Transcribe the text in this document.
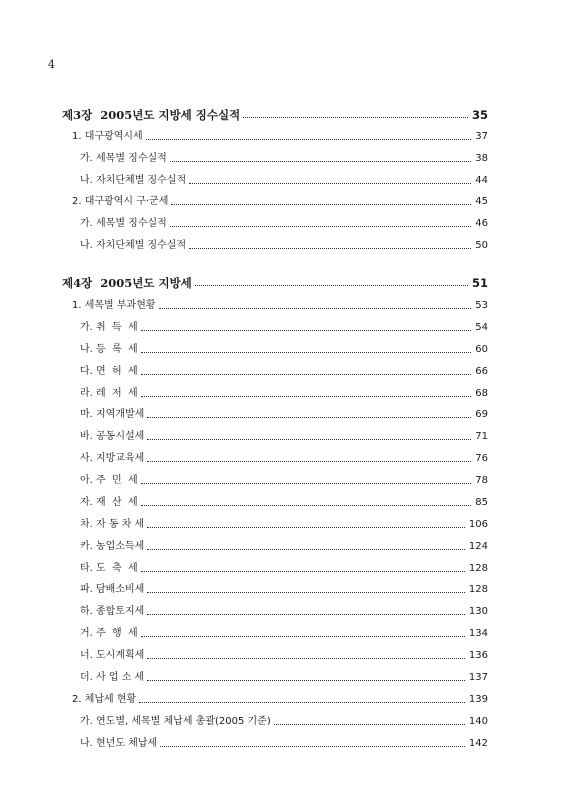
4
제3장  2005년도 지방세 징수실적	35
1. 대구광역시세	37
가. 세목별 징수실적	38
나. 자치단체별 징수실적	44
2. 대구광역시 구·군세	45
가. 세목별 징수실적	46
나. 자치단체별 징수실적	50
제4장  2005년도 지방세	51
1. 세목별 부과현황	53
가. 취  득  세	54
나. 등  록  세	60
다. 면  허  세	66
라. 레  저  세	68
마. 지역개발세	69
바. 공동시설세	71
사. 지방교육세	76
아. 주  민  세	78
자. 재  산  세	85
차. 자 동 차 세	106
카. 농업소득세	124
타. 도  축  세	128
파. 담배소비세	128
하. 종합토지세	130
거. 주  행  세	134
너. 도시계획세	136
더. 사 업 소 세	137
2. 체납세 현황	139
가. 연도별, 세목별 체납세 총괄(2005 기준)	140
나. 현년도 체납세	142
